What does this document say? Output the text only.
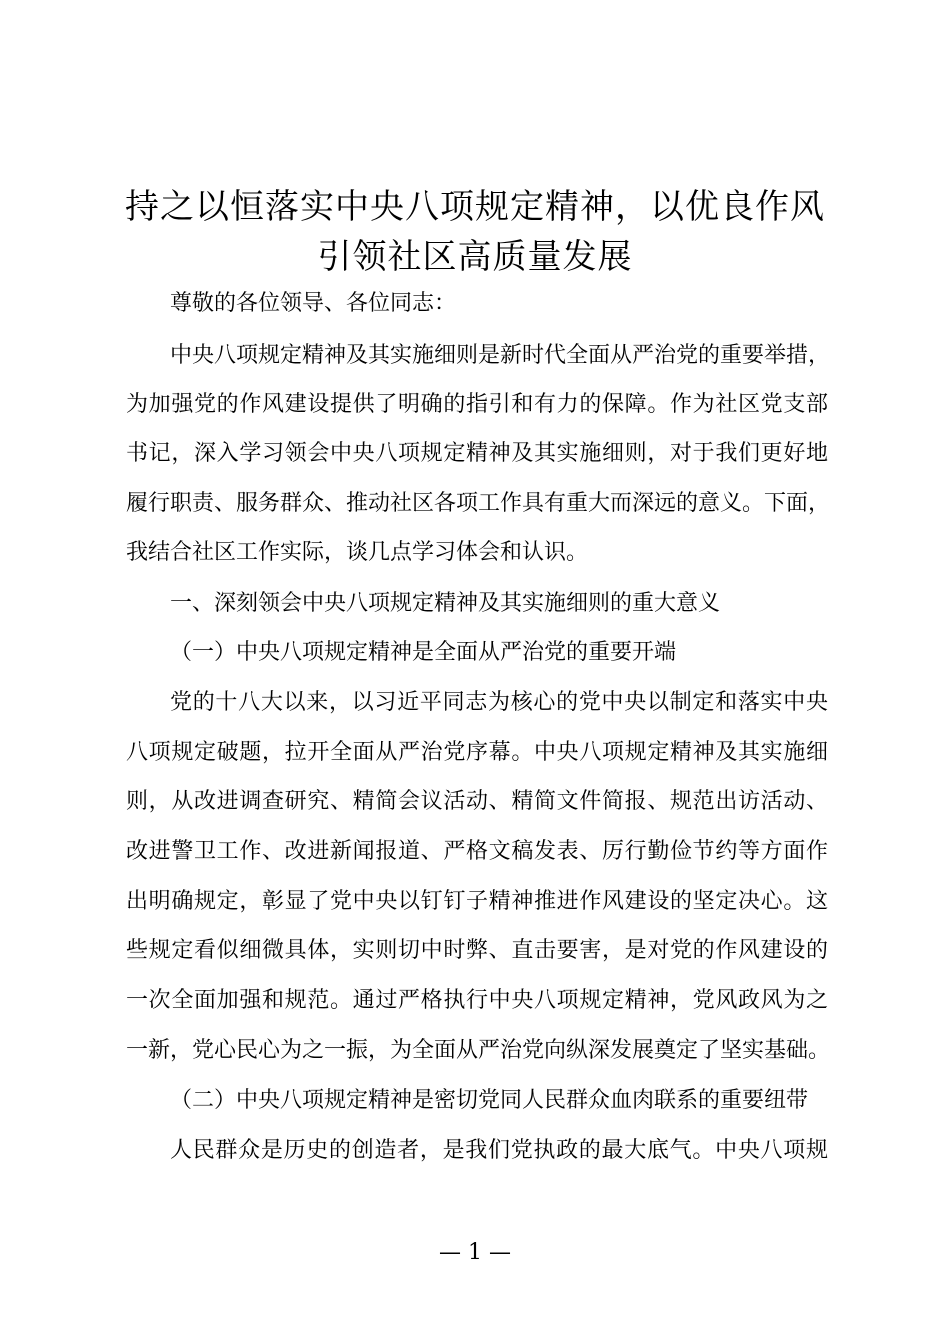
持之以恒落实中央八项规定精神，以优良作风
引领社区高质量发展
尊敬的各位领导、各位同志：
中央八项规定精神及其实施细则是新时代全面从严治党的重要举措，
为加强党的作风建设提供了明确的指引和有力的保障。作为社区党支部
书记，深入学习领会中央八项规定精神及其实施细则，对于我们更好地
履行职责、服务群众、推动社区各项工作具有重大而深远的意义。下面，
我结合社区工作实际，谈几点学习体会和认识。
一、深刻领会中央八项规定精神及其实施细则的重大意义
（一）中央八项规定精神是全面从严治党的重要开端
党的十八大以来，以习近平同志为核心的党中央以制定和落实中央
八项规定破题，拉开全面从严治党序幕。中央八项规定精神及其实施细
则，从改进调查研究、精简会议活动、精简文件简报、规范出访活动、
改进警卫工作、改进新闻报道、严格文稿发表、厉行勤俭节约等方面作
出明确规定，彰显了党中央以钉钉子精神推进作风建设的坚定决心。这
些规定看似细微具体，实则切中时弊、直击要害，是对党的作风建设的
一次全面加强和规范。通过严格执行中央八项规定精神，党风政风为之
一新，党心民心为之一振，为全面从严治党向纵深发展奠定了坚实基础。
（二）中央八项规定精神是密切党同人民群众血肉联系的重要纽带
人民群众是历史的创造者，是我们党执政的最大底气。中央八项规
— 1 —
